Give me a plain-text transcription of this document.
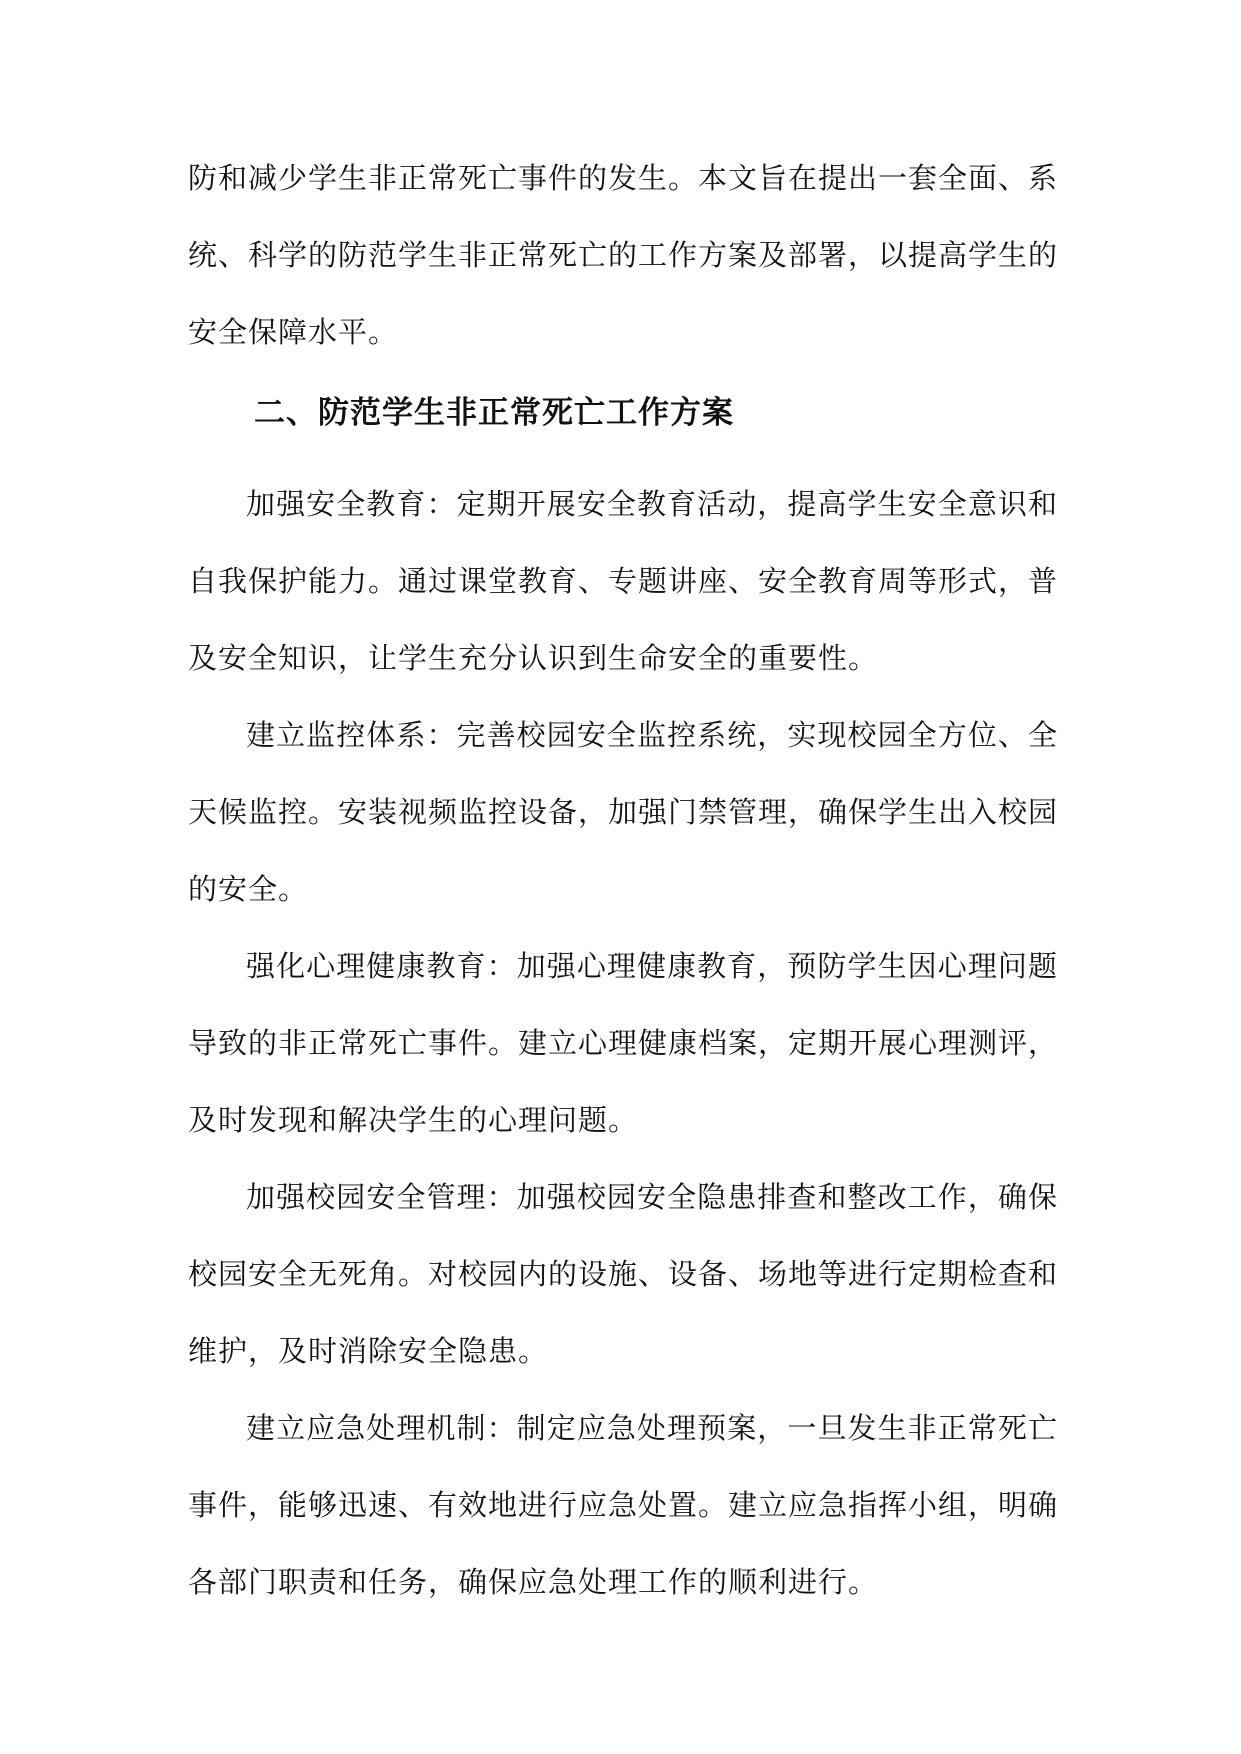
防和减少学生非正常死亡事件的发生。本文旨在提出一套全面、系统、科学的防范学生非正常死亡的工作方案及部署，以提高学生的安全保障水平。

二、防范学生非正常死亡工作方案

加强安全教育：定期开展安全教育活动，提高学生安全意识和自我保护能力。通过课堂教育、专题讲座、安全教育周等形式，普及安全知识，让学生充分认识到生命安全的重要性。

建立监控体系：完善校园安全监控系统，实现校园全方位、全天候监控。安装视频监控设备，加强门禁管理，确保学生出入校园的安全。

强化心理健康教育：加强心理健康教育，预防学生因心理问题导致的非正常死亡事件。建立心理健康档案，定期开展心理测评，及时发现和解决学生的心理问题。

加强校园安全管理：加强校园安全隐患排查和整改工作，确保校园安全无死角。对校园内的设施、设备、场地等进行定期检查和维护，及时消除安全隐患。

建立应急处理机制：制定应急处理预案，一旦发生非正常死亡事件，能够迅速、有效地进行应急处置。建立应急指挥小组，明确各部门职责和任务，确保应急处理工作的顺利进行。
